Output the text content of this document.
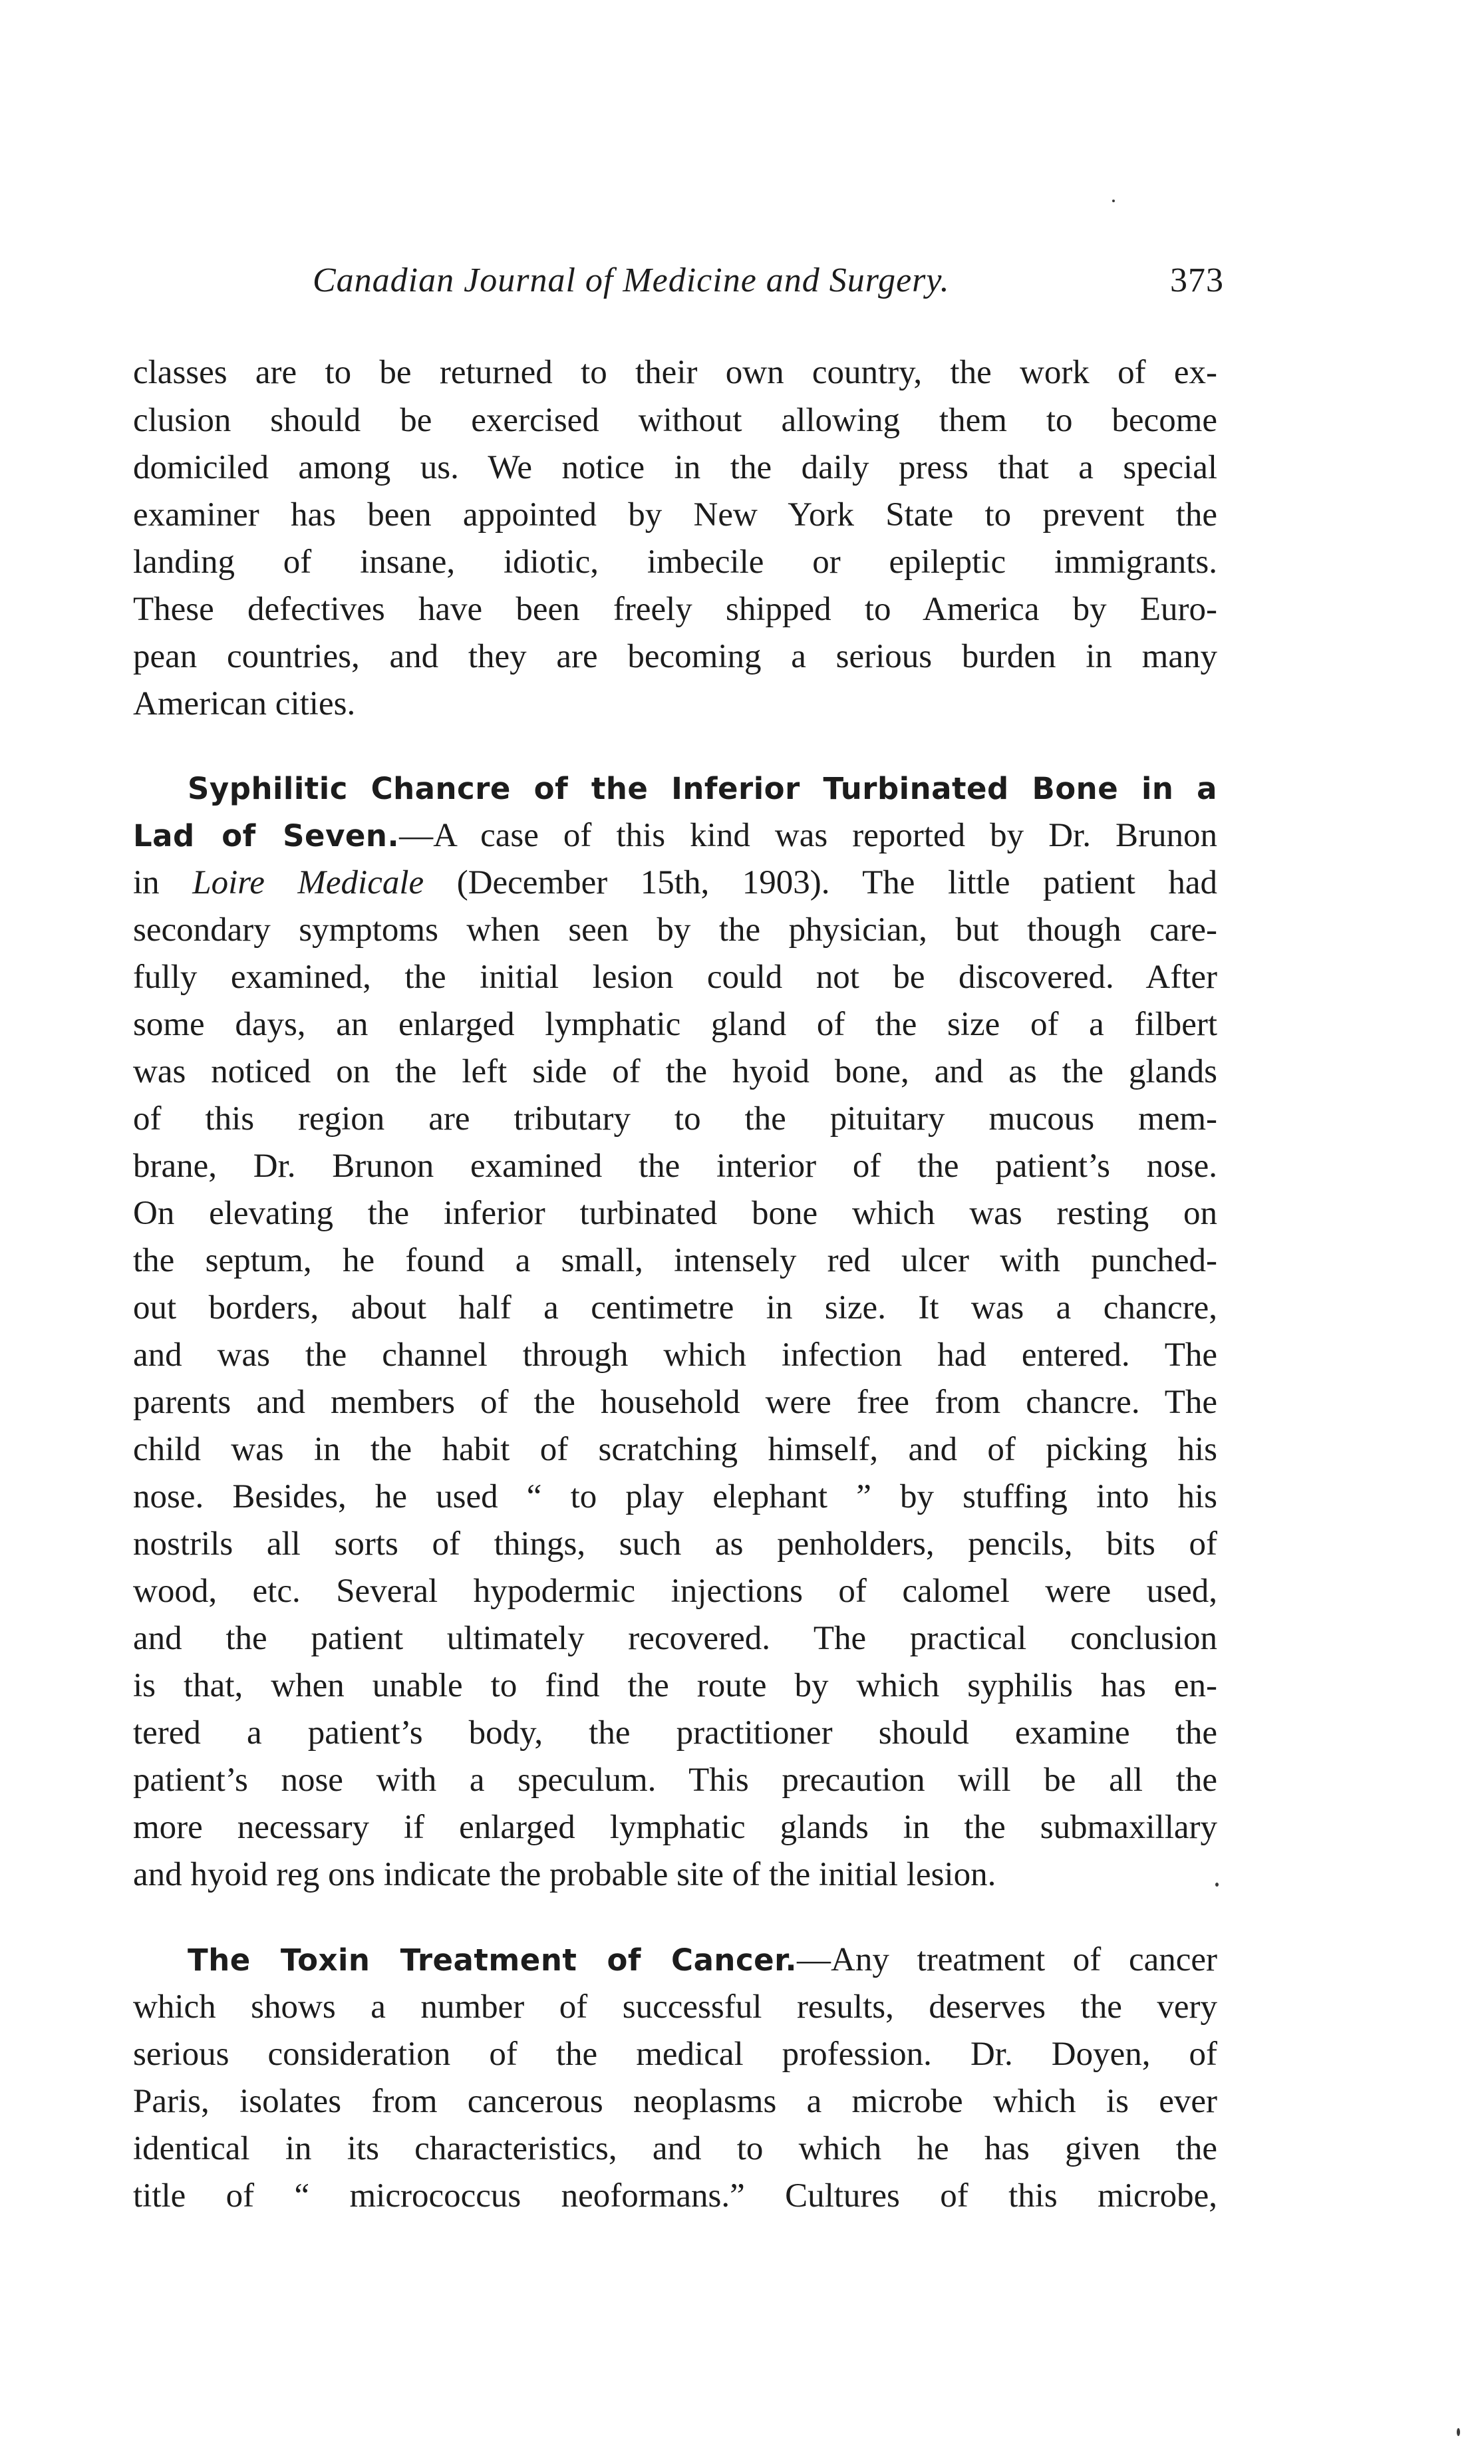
Canadian Journal of Medicine and Surgery.	373
classes are to be returned to their own country, the work of ex-
clusion should be exercised without allowing them to become
domiciled among us. We notice in the daily press that a special
examiner has been appointed by New York State to prevent the
landing of insane, idiotic, imbecile or epileptic immigrants.
These defectives have been freely shipped to America by Euro-
pean countries, and they are becoming a serious burden in many
American cities.
Syphilitic Chancre of the Inferior Turbinated Bone in a
Lad of Seven.—A case of this kind was reported by Dr. Brunon
in Loire Medicale (December 15th, 1903). The little patient had
secondary symptoms when seen by the physician, but though care-
fully examined, the initial lesion could not be discovered. After
some days, an enlarged lymphatic gland of the size of a filbert
was noticed on the left side of the hyoid bone, and as the glands
of this region are tributary to the pituitary mucous mem-
brane, Dr. Brunon examined the interior of the patient’s nose.
On elevating the inferior turbinated bone which was resting on
the septum, he found a small, intensely red ulcer with punched-
out borders, about half a centimetre in size. It was a chancre,
and was the channel through which infection had entered. The
parents and members of the household were free from chancre. The
child was in the habit of scratching himself, and of picking his
nose. Besides, he used “ to play elephant ” by stuffing into his
nostrils all sorts of things, such as penholders, pencils, bits of
wood, etc. Several hypodermic injections of calomel were used,
and the patient ultimately recovered. The practical conclusion
is that, when unable to find the route by which syphilis has en-
tered a patient’s body, the practitioner should examine the
patient’s nose with a speculum. This precaution will be all the
more necessary if enlarged lymphatic glands in the submaxillary
and hyoid reg ons indicate the probable site of the initial lesion.
The Toxin Treatment of Cancer.—Any treatment of cancer
which shows a number of successful results, deserves the very
serious consideration of the medical profession. Dr. Doyen, of
Paris, isolates from cancerous neoplasms a microbe which is ever
identical in its characteristics, and to which he has given the
title of “ micrococcus neoformans.” Cultures of this microbe,
